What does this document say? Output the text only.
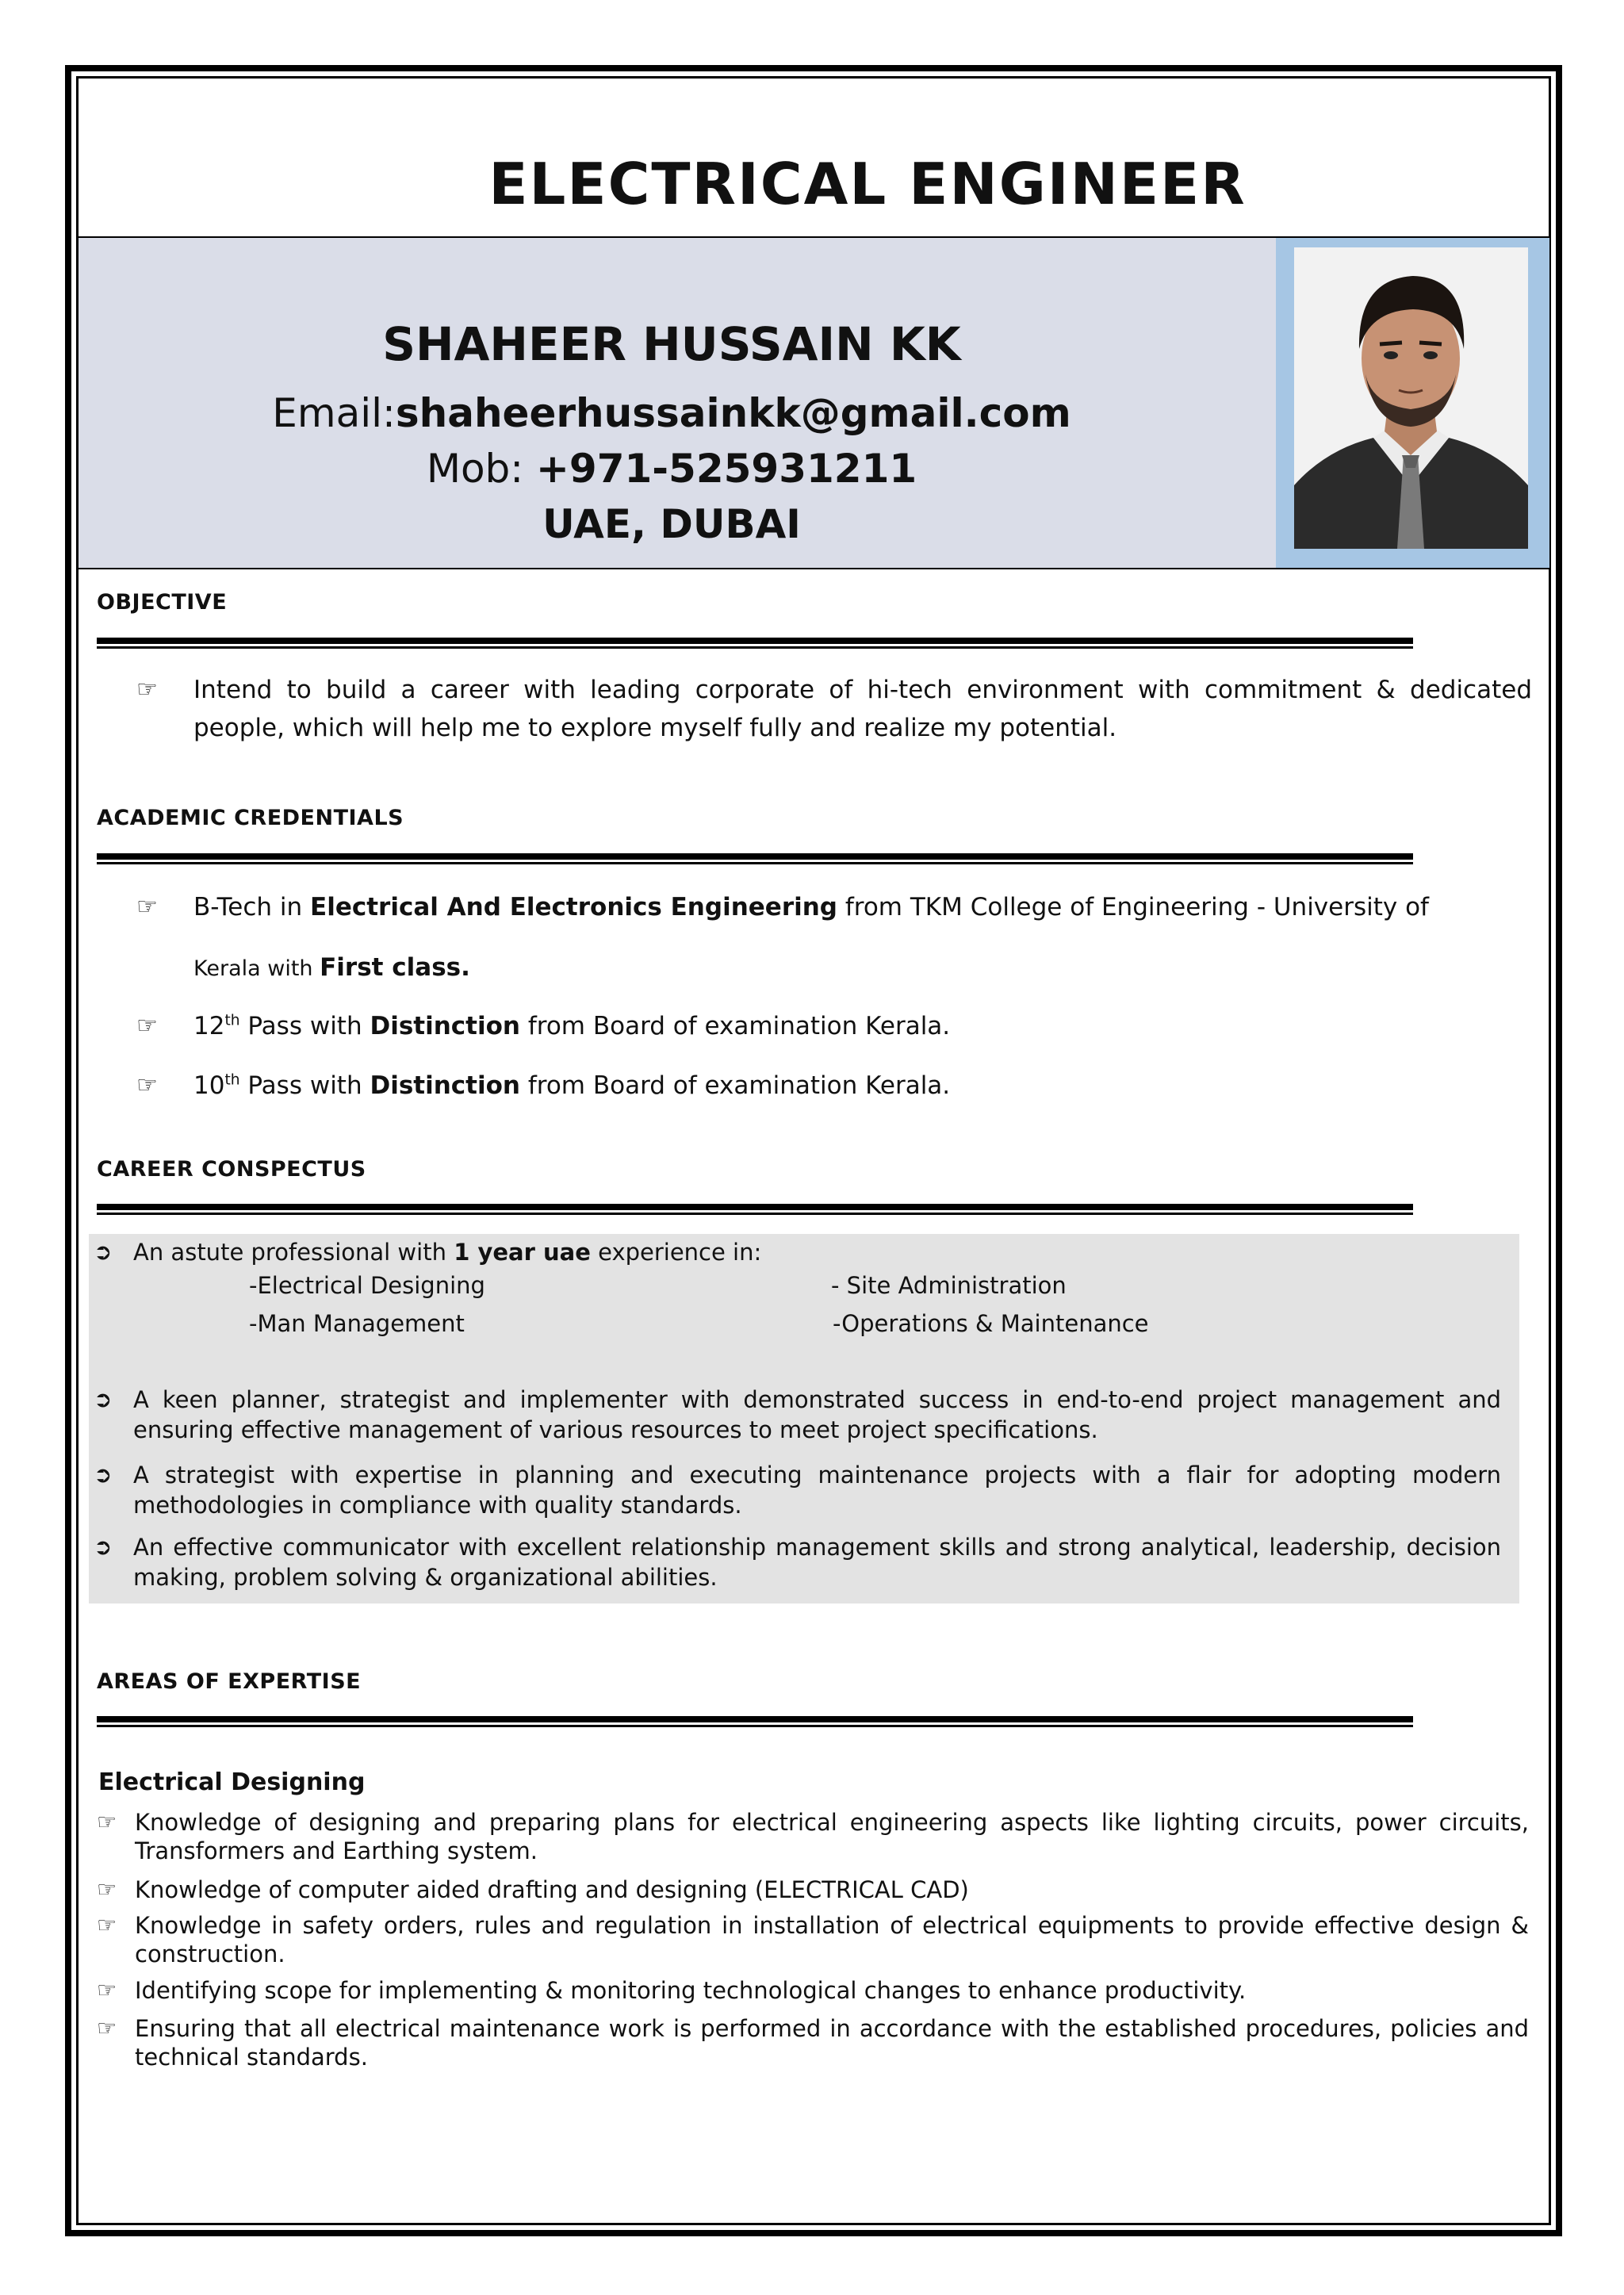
ELECTRICAL ENGINEER
SHAHEER HUSSAIN KK
Email:shaheerhussainkk@gmail.com
Mob: +971-525931211
UAE, DUBAI
OBJECTIVE
☞	Intend to build a career with leading corporate of hi-tech environment with commitment & dedicated people, which will help me to explore myself fully and realize my potential.
ACADEMIC CREDENTIALS
☞	B-Tech in Electrical And Electronics Engineering from TKM College of Engineering - University of
Kerala with First class.
☞	12th Pass with Distinction from Board of examination Kerala.
☞	10th Pass with Distinction from Board of examination Kerala.
CAREER CONSPECTUS
➲ An astute professional with 1 year uae experience in:
-Electrical Designing	- Site Administration
-Man Management	-Operations & Maintenance
➲ A keen planner, strategist and implementer with demonstrated success in end-to-end project management and ensuring effective management of various resources to meet project specifications.
➲ A strategist with expertise in planning and executing maintenance projects with a flair for adopting modern methodologies in compliance with quality standards.
➲ An effective communicator with excellent relationship management skills and strong analytical, leadership, decision making, problem solving & organizational abilities.
AREAS OF EXPERTISE
Electrical Designing
☞ Knowledge of designing and preparing plans for electrical engineering aspects like lighting circuits, power circuits, Transformers and Earthing system.
☞ Knowledge of computer aided drafting and designing (ELECTRICAL CAD)
☞ Knowledge in safety orders, rules and regulation in installation of electrical equipments to provide effective design & construction.
☞ Identifying scope for implementing & monitoring technological changes to enhance productivity.
☞ Ensuring that all electrical maintenance work is performed in accordance with the established procedures, policies and technical standards.
